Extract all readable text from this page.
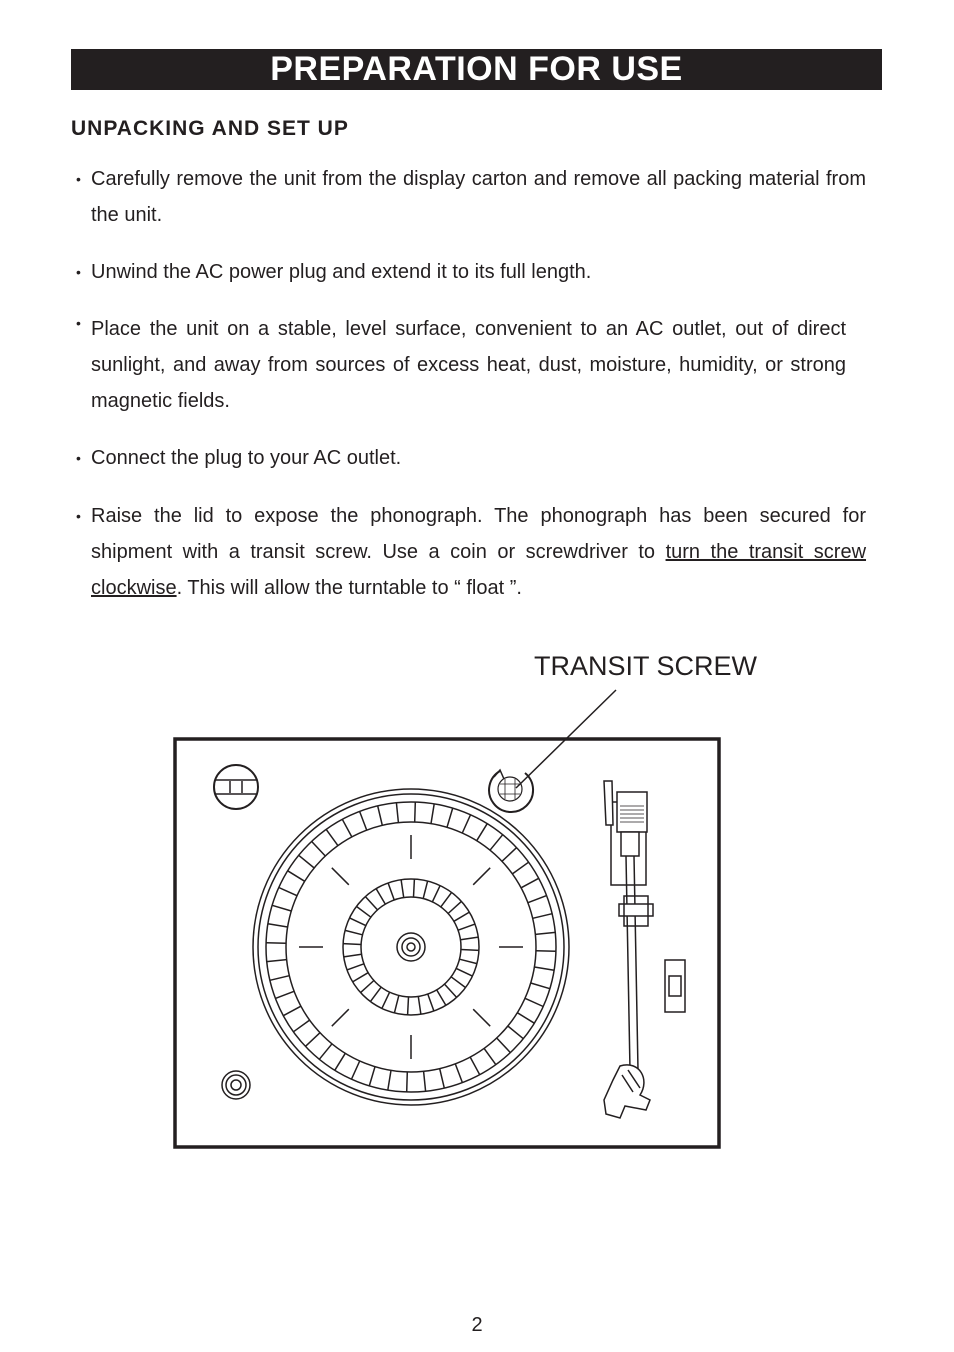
PREPARATION FOR USE
UNPACKING AND SET UP
• Carefully remove the unit from the display carton and remove all packing material from the unit.
• Unwind the AC power plug and extend it to its full length.
• Place the unit on a stable, level surface, convenient to an AC outlet, out of direct sunlight, and away from sources of excess heat, dust, moisture, humidity, or strong magnetic fields.
• Connect the plug to your AC outlet.
• Raise the lid to expose the phonograph. The phonograph has been secured for shipment with a transit screw. Use a coin or screwdriver to turn the transit screw clockwise. This will allow the turntable to “ float ”.
TRANSIT SCREW
2
